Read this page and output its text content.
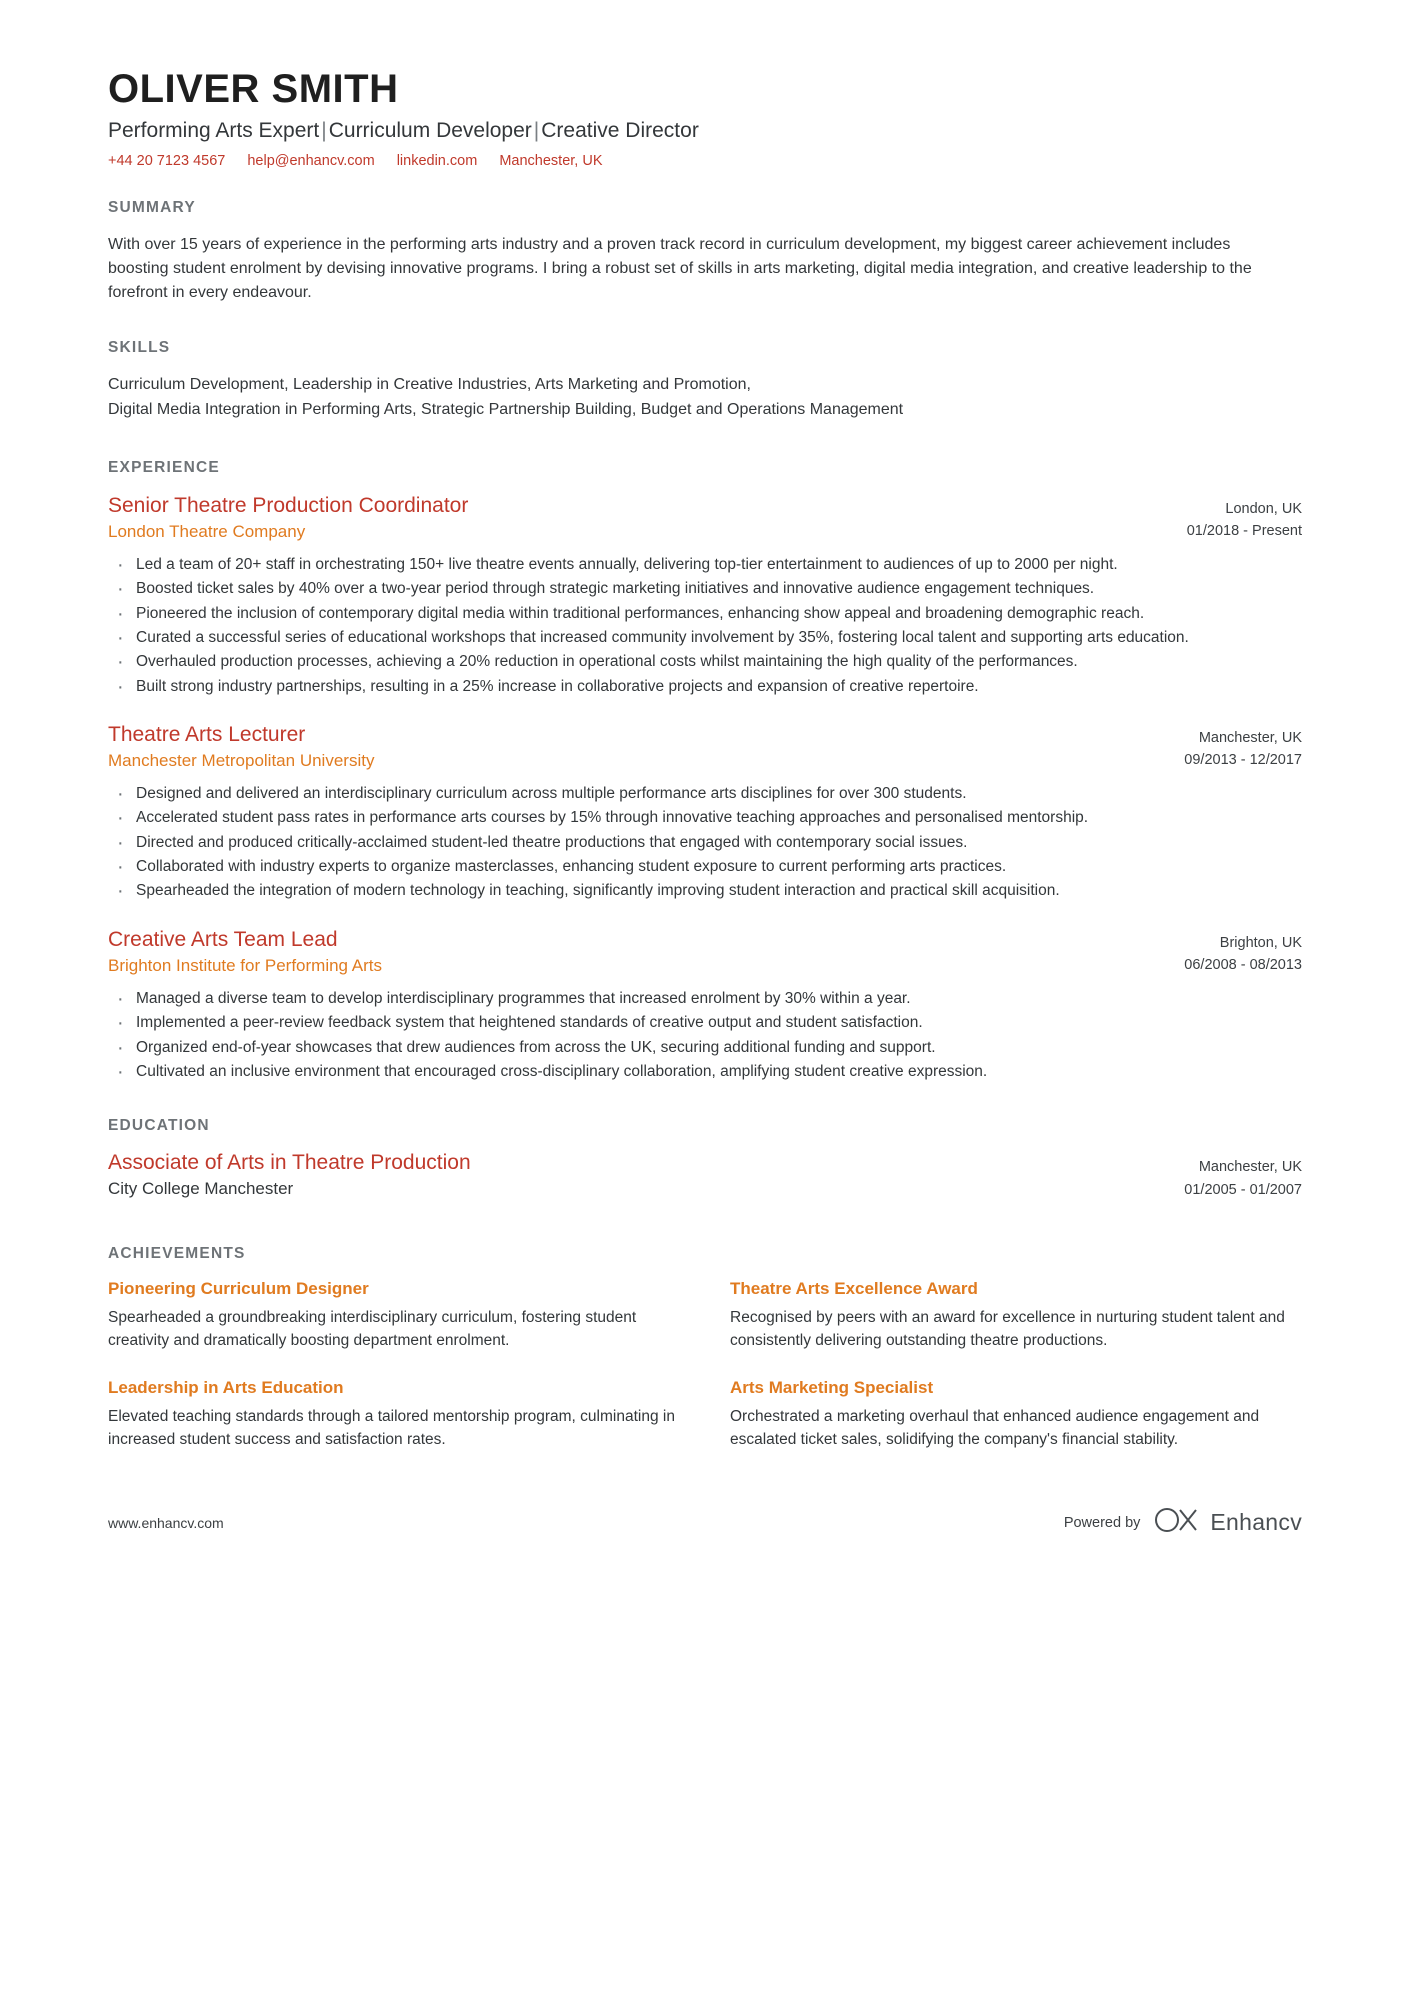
OLIVER SMITH
Performing Arts Expert|Curriculum Developer|Creative Director
+44 20 7123 4567 help@enhancv.com linkedin.com Manchester, UK
SUMMARY
With over 15 years of experience in the performing arts industry and a proven track record in curriculum development, my biggest career achievement includes boosting student enrolment by devising innovative programs. I bring a robust set of skills in arts marketing, digital media integration, and creative leadership to the forefront in every endeavour.
SKILLS
Curriculum Development, Leadership in Creative Industries, Arts Marketing and Promotion,
Digital Media Integration in Performing Arts, Strategic Partnership Building, Budget and Operations Management
EXPERIENCE
Senior Theatre Production Coordinator
London Theatre Company
London, UK
01/2018 - Present
· Led a team of 20+ staff in orchestrating 150+ live theatre events annually, delivering top-tier entertainment to audiences of up to 2000 per night.
· Boosted ticket sales by 40% over a two-year period through strategic marketing initiatives and innovative audience engagement techniques.
· Pioneered the inclusion of contemporary digital media within traditional performances, enhancing show appeal and broadening demographic reach.
· Curated a successful series of educational workshops that increased community involvement by 35%, fostering local talent and supporting arts education.
· Overhauled production processes, achieving a 20% reduction in operational costs whilst maintaining the high quality of the performances.
· Built strong industry partnerships, resulting in a 25% increase in collaborative projects and expansion of creative repertoire.
Theatre Arts Lecturer
Manchester Metropolitan University
Manchester, UK
09/2013 - 12/2017
· Designed and delivered an interdisciplinary curriculum across multiple performance arts disciplines for over 300 students.
· Accelerated student pass rates in performance arts courses by 15% through innovative teaching approaches and personalised mentorship.
· Directed and produced critically-acclaimed student-led theatre productions that engaged with contemporary social issues.
· Collaborated with industry experts to organize masterclasses, enhancing student exposure to current performing arts practices.
· Spearheaded the integration of modern technology in teaching, significantly improving student interaction and practical skill acquisition.
Creative Arts Team Lead
Brighton Institute for Performing Arts
Brighton, UK
06/2008 - 08/2013
· Managed a diverse team to develop interdisciplinary programmes that increased enrolment by 30% within a year.
· Implemented a peer-review feedback system that heightened standards of creative output and student satisfaction.
· Organized end-of-year showcases that drew audiences from across the UK, securing additional funding and support.
· Cultivated an inclusive environment that encouraged cross-disciplinary collaboration, amplifying student creative expression.
EDUCATION
Associate of Arts in Theatre Production
City College Manchester
Manchester, UK
01/2005 - 01/2007
ACHIEVEMENTS
Pioneering Curriculum Designer
Spearheaded a groundbreaking interdisciplinary curriculum, fostering student creativity and dramatically boosting department enrolment.
Theatre Arts Excellence Award
Recognised by peers with an award for excellence in nurturing student talent and consistently delivering outstanding theatre productions.
Leadership in Arts Education
Elevated teaching standards through a tailored mentorship program, culminating in increased student success and satisfaction rates.
Arts Marketing Specialist
Orchestrated a marketing overhaul that enhanced audience engagement and escalated ticket sales, solidifying the company's financial stability.
www.enhancv.com	Powered by	Enhancv
